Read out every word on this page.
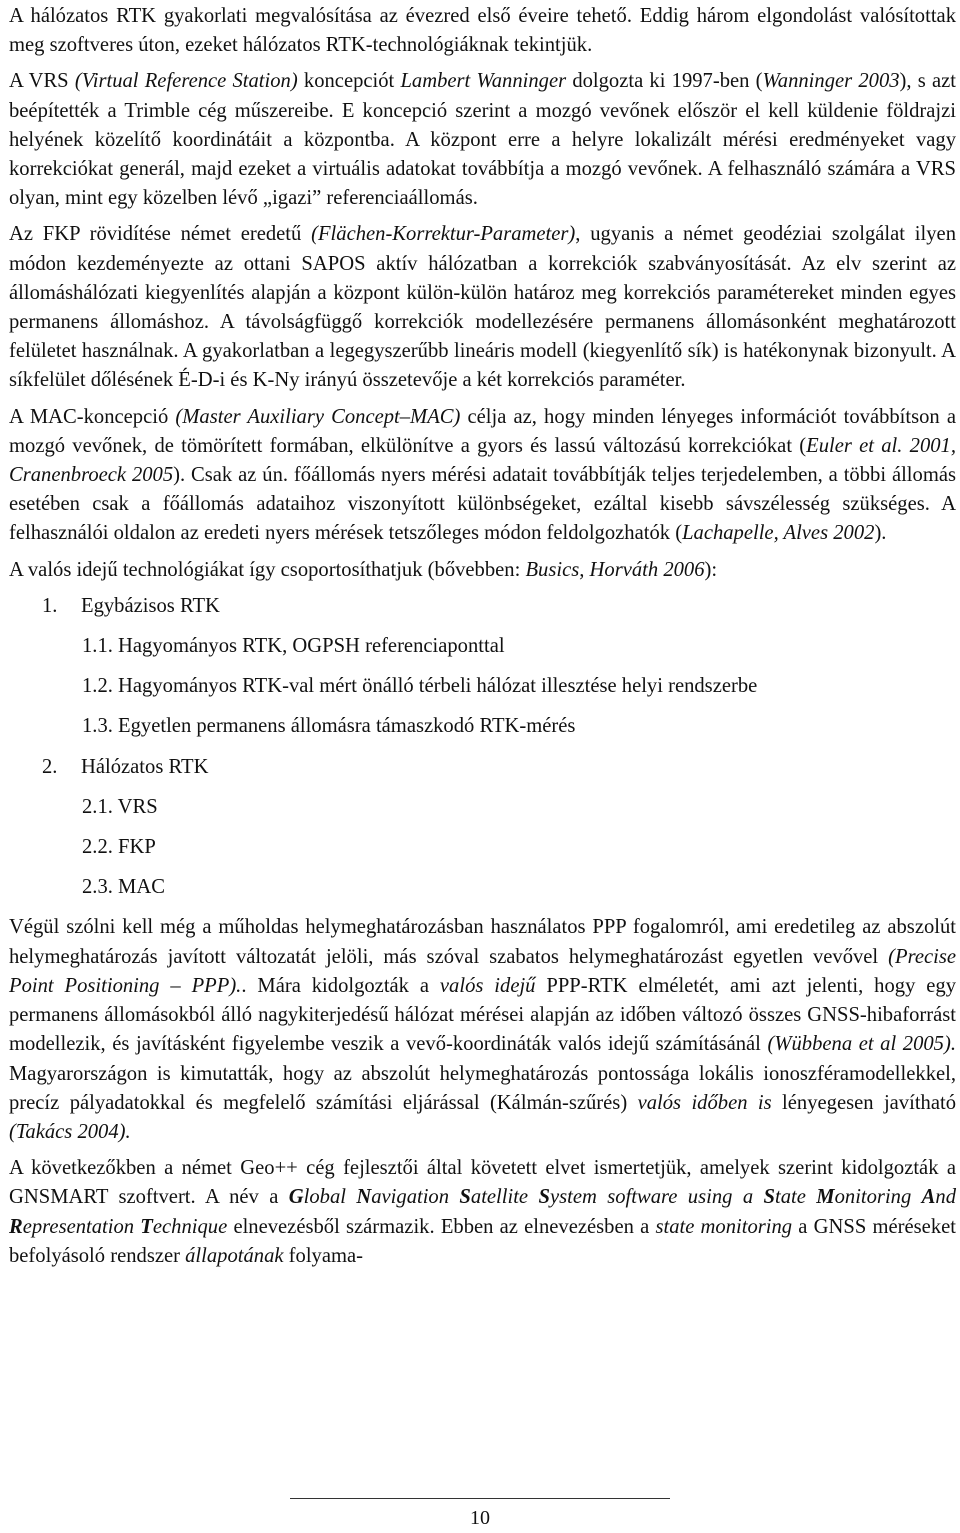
A hálózatos RTK gyakorlati megvalósítása az évezred első éveire tehető. Eddig három elgondolást valósítottak meg szoftveres úton, ezeket hálózatos RTK-technológiáknak tekintjük.

A VRS (Virtual Reference Station) koncepciót Lambert Wanninger dolgozta ki 1997-ben (Wanninger 2003), s azt beépítették a Trimble cég műszereibe. E koncepció szerint a mozgó vevőnek először el kell küldenie földrajzi helyének közelítő koordinátáit a központba. A központ erre a helyre lokalizált mérési eredményeket vagy korrekciókat generál, majd ezeket a virtuális adatokat továbbítja a mozgó vevőnek. A felhasználó számára a VRS olyan, mint egy közelben lévő „igazi” referenciaállomás.

Az FKP rövidítése német eredetű (Flächen-Korrektur-Parameter), ugyanis a német geodéziai szolgálat ilyen módon kezdeményezte az ottani SAPOS aktív hálózatban a korrekciók szabványosítását. Az elv szerint az állomáshálózati kiegyenlítés alapján a központ külön-külön határoz meg korrekciós paramétereket minden egyes permanens állomáshoz. A távolságfüggő korrekciók modellezésére permanens állomásonként meghatározott felületet használnak. A gyakorlatban a legegyszerűbb lineáris modell (kiegyenlítő sík) is hatékonynak bizonyult. A síkfelület dőlésének É-D-i és K-Ny irányú összetevője a két korrekciós paraméter.

A MAC-koncepció (Master Auxiliary Concept–MAC) célja az, hogy minden lényeges információt továbbítson a mozgó vevőnek, de tömörített formában, elkülönítve a gyors és lassú változású korrekciókat (Euler et al. 2001, Cranenbroeck 2005). Csak az ún. főállomás nyers mérési adatait továbbítják teljes terjedelemben, a többi állomás esetében csak a főállomás adataihoz viszonyított különbségeket, ezáltal kisebb sávszélesség szükséges. A felhasználói oldalon az eredeti nyers mérések tetszőleges módon feldolgozhatók (Lachapelle, Alves 2002).

A valós idejű technológiákat így csoportosíthatjuk (bővebben: Busics, Horváth 2006):

1. Egybázisos RTK
1.1. Hagyományos RTK, OGPSH referenciaponttal
1.2. Hagyományos RTK-val mért önálló térbeli hálózat illesztése helyi rendszerbe
1.3. Egyetlen permanens állomásra támaszkodó RTK-mérés
2. Hálózatos RTK
2.1. VRS
2.2. FKP
2.3. MAC

Végül szólni kell még a műholdas helymeghatározásban használatos PPP fogalomról, ami eredetileg az abszolút helymeghatározás javított változatát jelöli, más szóval szabatos helymeghatározást egyetlen vevővel (Precise Point Positioning – PPP).. Mára kidolgozták a valós idejű PPP-RTK elméletét, ami azt jelenti, hogy egy permanens állomásokból álló nagykiterjedésű hálózat mérései alapján az időben változó összes GNSS-hibaforrást modellezik, és javításként figyelembe veszik a vevő-koordináták valós idejű számításánál (Wübbena et al 2005). Magyarországon is kimutatták, hogy az abszolút helymeghatározás pontossága lokális ionoszféramodellekkel, precíz pályadatokkal és megfelelő számítási eljárással (Kálmán-szűrés) valós időben is lényegesen javítható (Takács 2004).

A következőkben a német Geo++ cég fejlesztői által követett elvet ismertetjük, amelyek szerint kidolgozták a GNSMART szoftvert. A név a Global Navigation Satellite System software using a State Monitoring And Representation Technique elnevezésből származik. Ebben az elnevezésben a state monitoring a GNSS méréseket befolyásoló rendszer állapotának folyama-

10
